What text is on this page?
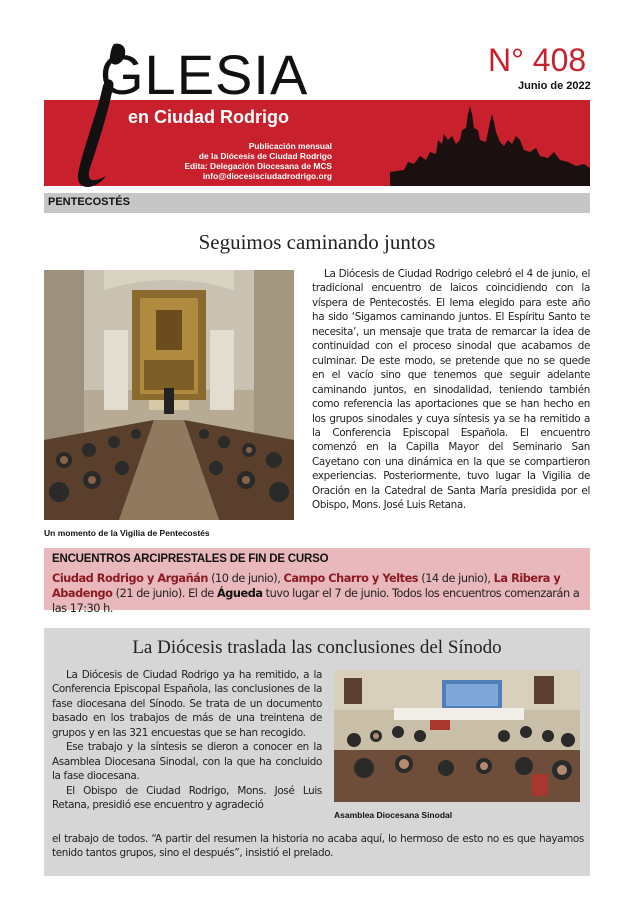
GLESIA	N° 408
Junio de 2022
en Ciudad Rodrigo
Publicación mensual
de la Diócesis de Ciudad Rodrigo
Edita: Delegación Diocesana de MCS
info@diocesisciudadrodrigo.org
PENTECOSTÉS
Seguimos caminando juntos
Un momento de la Vigilia de Pentecostés
La Diócesis de Ciudad Rodrigo celebró el 4 de junio, el tradicional encuentro de laicos coincidiendo con la víspera de Pentecostés. El lema elegido para este año ha sido ‘Sigamos caminando juntos. El Espíritu Santo te necesita’, un mensaje que trata de remarcar la idea de continuidad con el proceso sinodal que acabamos de culminar. De este modo, se pretende que no se quede en el vacío sino que tenemos que seguir adelante caminando juntos, en sinodalidad, teniendo también como referencia las aportaciones que se han hecho en los grupos sinodales y cuya síntesis ya se ha remitido a la Conferencia Episcopal Española. El encuentro comenzó en la Capilla Mayor del Seminario San Cayetano con una dinámica en la que se compartieron experiencias. Posteriormente, tuvo lugar la Vigilia de Oración en la Catedral de Santa María presidida por el Obispo, Mons. José Luis Retana.
ENCUENTROS ARCIPRESTALES DE FIN DE CURSO
Ciudad Rodrigo y Argañán (10 de junio), Campo Charro y Yeltes (14 de junio), La Ribera y Abadengo (21 de junio). El de Águeda tuvo lugar el 7 de junio. Todos los encuentros comenzarán a las 17:30 h.
La Diócesis traslada las conclusiones del Sínodo

La Diócesis de Ciudad Rodrigo ya ha remitido, a la Conferencia Episcopal Española, las conclusiones de la fase diocesana del Sínodo. Se trata de un documento basado en los trabajos de más de una treintena de grupos y en las 321 encuestas que se han recogido.

Ese trabajo y la síntesis se dieron a conocer en la Asamblea Diocesana Sinodal, con la que ha concluido la fase diocesana.

El Obispo de Ciudad Rodrigo, Mons. José Luis Retana, presidió ese encuentro y agradeció

Asamblea Diocesana Sinodal
el trabajo de todos. “A partir del resumen la historia no acaba aquí, lo hermoso de esto no es que hayamos tenido tantos grupos, sino el después”, insistió el prelado.
